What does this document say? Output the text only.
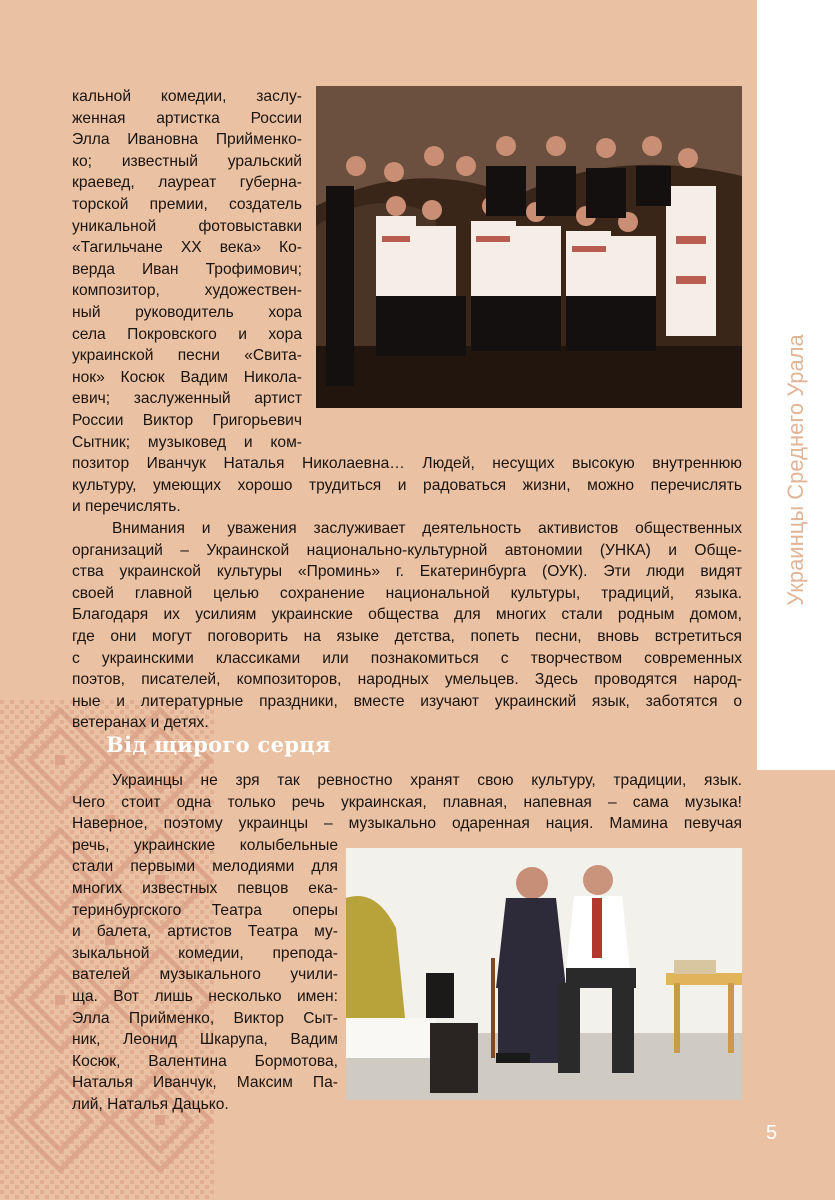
Украинцы Среднего Урала
5
кальной комедии, заслу-
женная артистка России
Элла Ивановна Прийменко-
ко; известный уральский
краевед, лауреат губерна-
торской премии, создатель
уникальной фотовыставки
«Тагильчане XX века» Ко-
верда Иван Трофимович;
композитор, художествен-
ный руководитель хора
села Покровского и хора
украинской песни «Свита-
нок» Косюк Вадим Никола-
евич; заслуженный артист
России Виктор Григорьевич
Сытник; музыковед и ком-
позитор Иванчук Наталья Николаевна… Людей, несущих высокую внутреннюю
культуру, умеющих хорошо трудиться и радоваться жизни, можно перечислять
и перечислять.
Внимания и уважения заслуживает деятельность активистов общественных
организаций – Украинской национально-культурной автономии (УНКА) и Обще-
ства украинской культуры «Проминь» г. Екатеринбурга (ОУК). Эти люди видят
своей главной целью сохранение национальной культуры, традиций, языка.
Благодаря их усилиям украинские общества для многих стали родным домом,
где они могут поговорить на языке детства, попеть песни, вновь встретиться
с украинскими классиками или познакомиться с творчеством современных
поэтов, писателей, композиторов, народных умельцев. Здесь проводятся народ-
ные и литературные праздники, вместе изучают украинский язык, заботятся о
ветеранах и детях.
Від щирого серця
Украинцы не зря так ревностно хранят свою культуру, традиции, язык.
Чего стоит одна только речь украинская, плавная, напевная – сама музыка!
Наверное, поэтому украинцы – музыкально одаренная нация. Мамина певучая
речь, украинские колыбельные
стали первыми мелодиями для
многих известных певцов ека-
теринбургского Театра оперы
и балета, артистов Театра му-
зыкальной комедии, препода-
вателей музыкального учили-
ща. Вот лишь несколько имен:
Элла Прийменко, Виктор Сыт-
ник, Леонид Шкарупа, Вадим
Косюк, Валентина Бормотова,
Наталья Иванчук, Максим Па-
лий, Наталья Дацько.
